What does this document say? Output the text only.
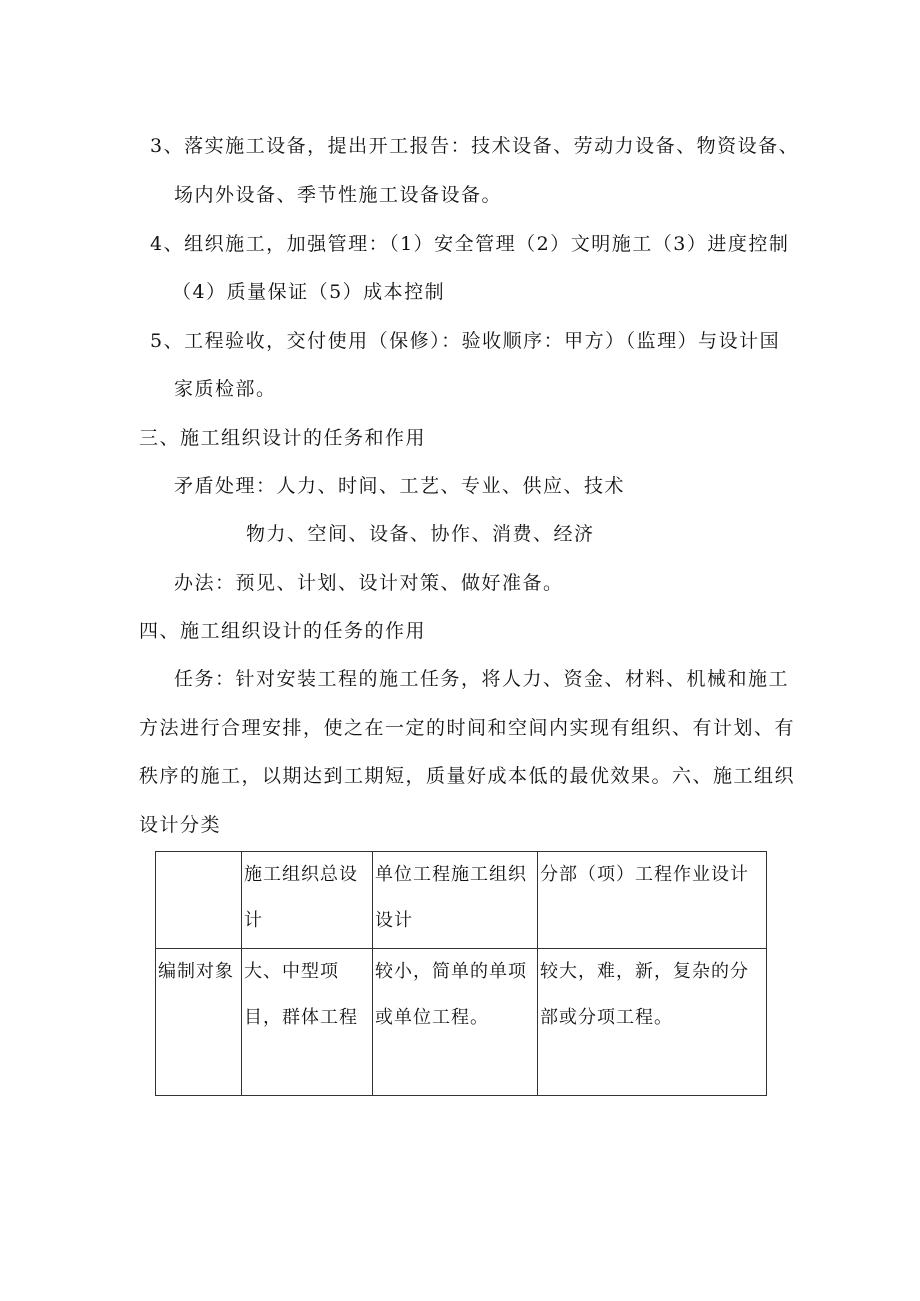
3、落实施工设备，提出开工报告：技术设备、劳动力设备、物资设备、
场内外设备、季节性施工设备设备。
4、组织施工，加强管理：（1）安全管理（2）文明施工（3）进度控制
（4）质量保证（5）成本控制
5、工程验收，交付使用（保修）：验收顺序：甲方）（监理）与设计国
家质检部。
三、施工组织设计的任务和作用
矛盾处理：人力、时间、工艺、专业、供应、技术
物力、空间、设备、协作、消费、经济
办法：预见、计划、设计对策、做好准备。
四、施工组织设计的任务的作用
任务：针对安装工程的施工任务，将人力、资金、材料、机械和施工
方法进行合理安排，使之在一定的时间和空间内实现有组织、有计划、有
秩序的施工，以期达到工期短，质量好成本低的最优效果。六、施工组织
设计分类

	施工组织总设计	单位工程施工组织设计	分部（项）工程作业设计

编制对象	大、中型项目，群体工程	较小，简单的单项或单位工程。	较大，难，新，复杂的分部或分项工程。
